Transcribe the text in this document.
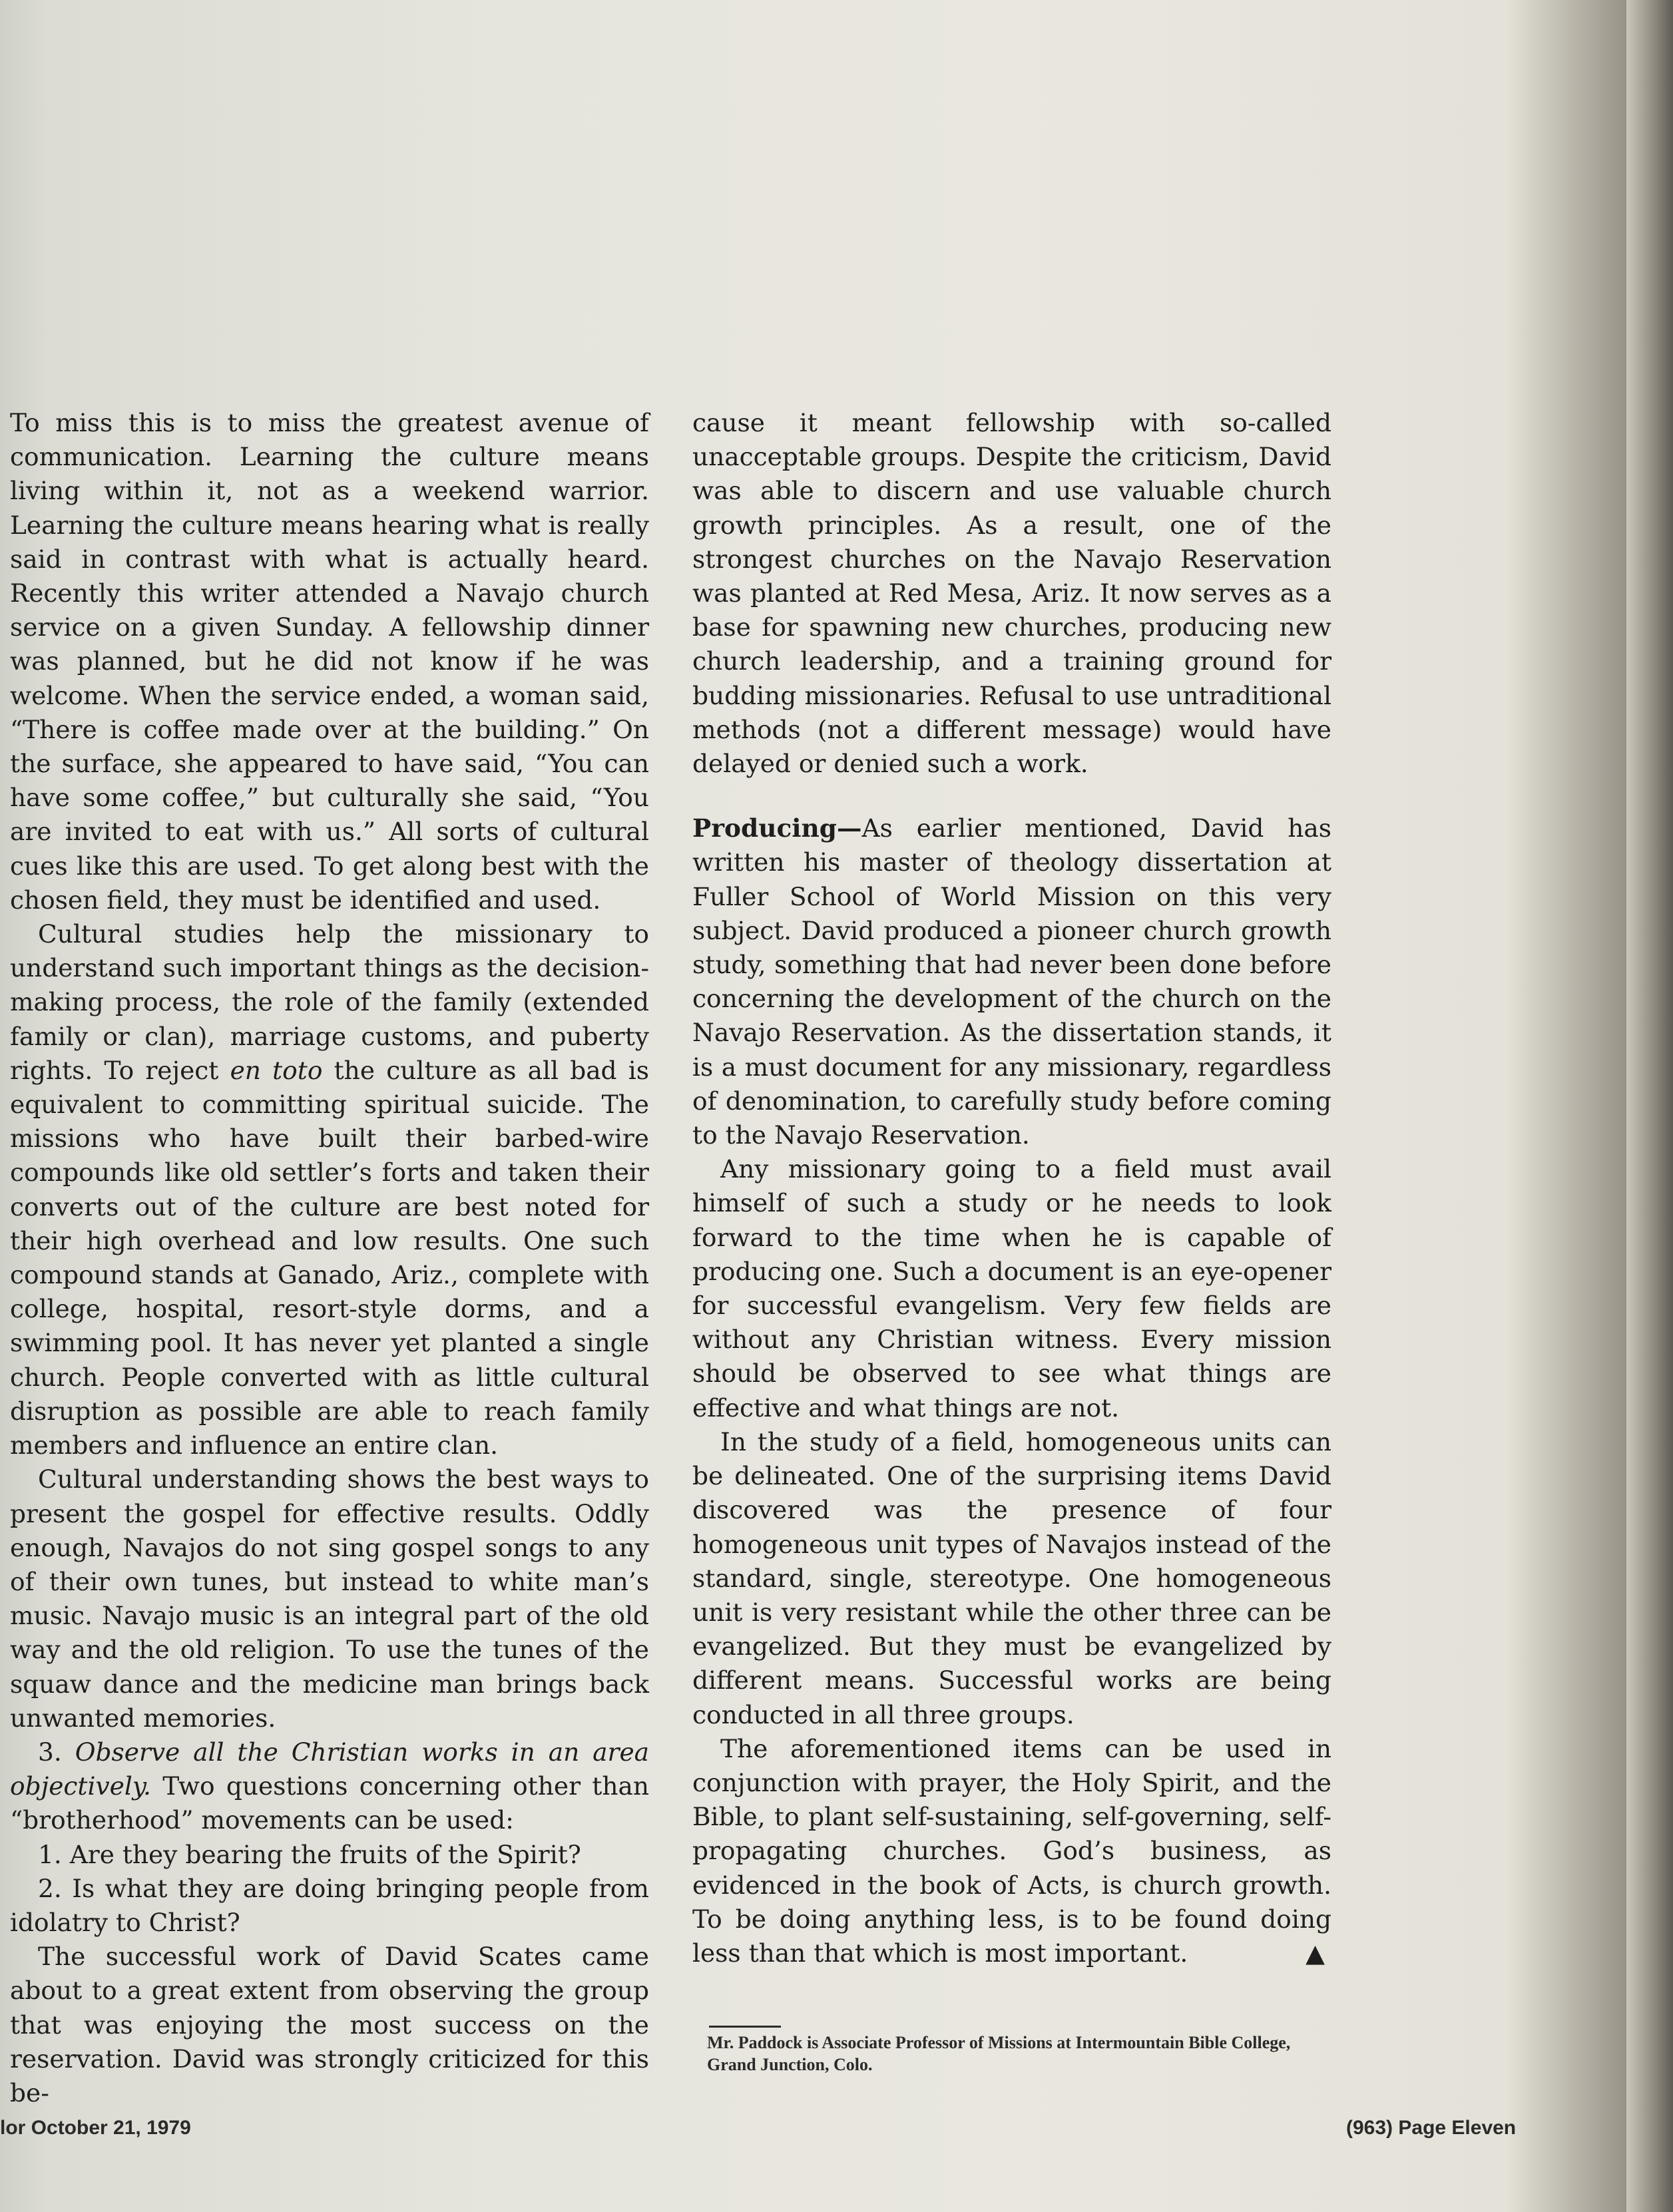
To miss this is to miss the greatest avenue of communication. Learning the culture means living within it, not as a weekend warrior. Learning the culture means hearing what is really said in contrast with what is actually heard. Recently this writer attended a Navajo church service on a given Sunday. A fellowship dinner was planned, but he did not know if he was welcome. When the service ended, a woman said, “There is coffee made over at the building.” On the surface, she appeared to have said, “You can have some coffee,” but culturally she said, “You are invited to eat with us.” All sorts of cultural cues like this are used. To get along best with the chosen field, they must be identified and used.

Cultural studies help the missionary to understand such important things as the decision-making process, the role of the family (extended family or clan), marriage customs, and puberty rights. To reject en toto the culture as all bad is equivalent to committing spiritual suicide. The missions who have built their barbed-wire compounds like old settler’s forts and taken their converts out of the culture are best noted for their high overhead and low results. One such compound stands at Ganado, Ariz., complete with college, hospital, resort-style dorms, and a swimming pool. It has never yet planted a single church. People converted with as little cultural disruption as possible are able to reach family members and influence an entire clan.

Cultural understanding shows the best ways to present the gospel for effective results. Oddly enough, Navajos do not sing gospel songs to any of their own tunes, but instead to white man’s music. Navajo music is an integral part of the old way and the old religion. To use the tunes of the squaw dance and the medicine man brings back unwanted memories.

3. Observe all the Christian works in an area objectively. Two questions concerning other than “brotherhood” movements can be used:

1. Are they bearing the fruits of the Spirit?

2. Is what they are doing bringing people from idolatry to Christ?

The successful work of David Scates came about to a great extent from observing the group that was enjoying the most success on the reservation. David was strongly criticized for this be-

cause it meant fellowship with so-called unacceptable groups. Despite the criticism, David was able to discern and use valuable church growth principles. As a result, one of the strongest churches on the Navajo Reservation was planted at Red Mesa, Ariz. It now serves as a base for spawning new churches, producing new church leadership, and a training ground for budding missionaries. Refusal to use untraditional methods (not a different message) would have delayed or denied such a work.

Producing—As earlier mentioned, David has written his master of theology dissertation at Fuller School of World Mission on this very subject. David produced a pioneer church growth study, something that had never been done before concerning the development of the church on the Navajo Reservation. As the dissertation stands, it is a must document for any missionary, regardless of denomination, to carefully study before coming to the Navajo Reservation.

Any missionary going to a field must avail himself of such a study or he needs to look forward to the time when he is capable of producing one. Such a document is an eye-opener for successful evangelism. Very few fields are without any Christian witness. Every mission should be observed to see what things are effective and what things are not.

In the study of a field, homogeneous units can be delineated. One of the surprising items David discovered was the presence of four homogeneous unit types of Navajos instead of the standard, single, stereotype. One homogeneous unit is very resistant while the other three can be evangelized. But they must be evangelized by different means. Successful works are being conducted in all three groups.

The aforementioned items can be used in conjunction with prayer, the Holy Spirit, and the Bible, to plant self-sustaining, self-governing, self-propagating churches. God’s business, as evidenced in the book of Acts, is church growth. To be doing anything less, is to be found doing less than that which is most important.	▲

Mr. Paddock is Associate Professor of Missions at Intermountain Bible College, Grand Junction, Colo.
lor October 21, 1979	(963) Page Eleven
